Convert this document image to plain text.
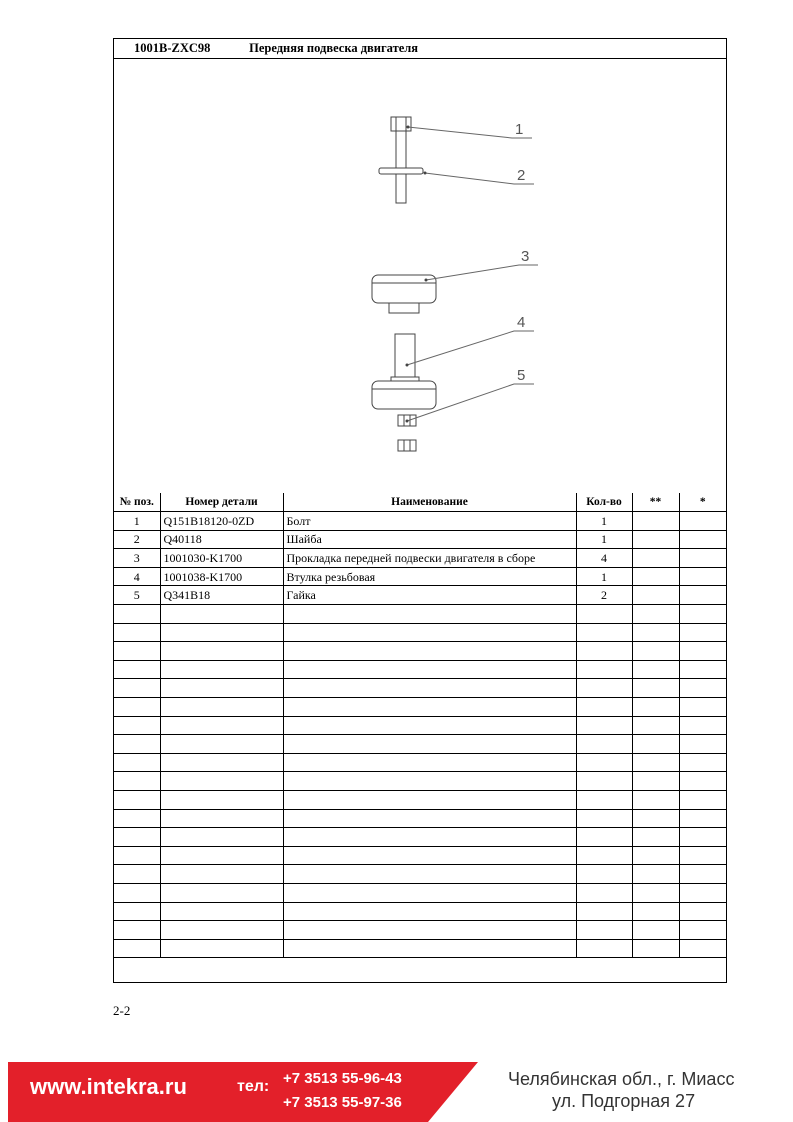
1001B-ZXC98	Передняя подвеска двигателя
1
2
3
4
5
№ поз.	Номер детали	Наименование	Кол-во	**	*
1	Q151B18120-0ZD	Болт	1		
2	Q40118	Шайба	1		
3	1001030-K1700	Прокладка передней подвески двигателя в сборе	4		
4	1001038-K1700	Втулка резьбовая	1		
5	Q341B18	Гайка	2		

2-2
www.intekra.ru	тел: +7 3513 55-96-43
+7 3513 55-97-36
Челябинская обл., г. Миасс
ул. Подгорная 27
